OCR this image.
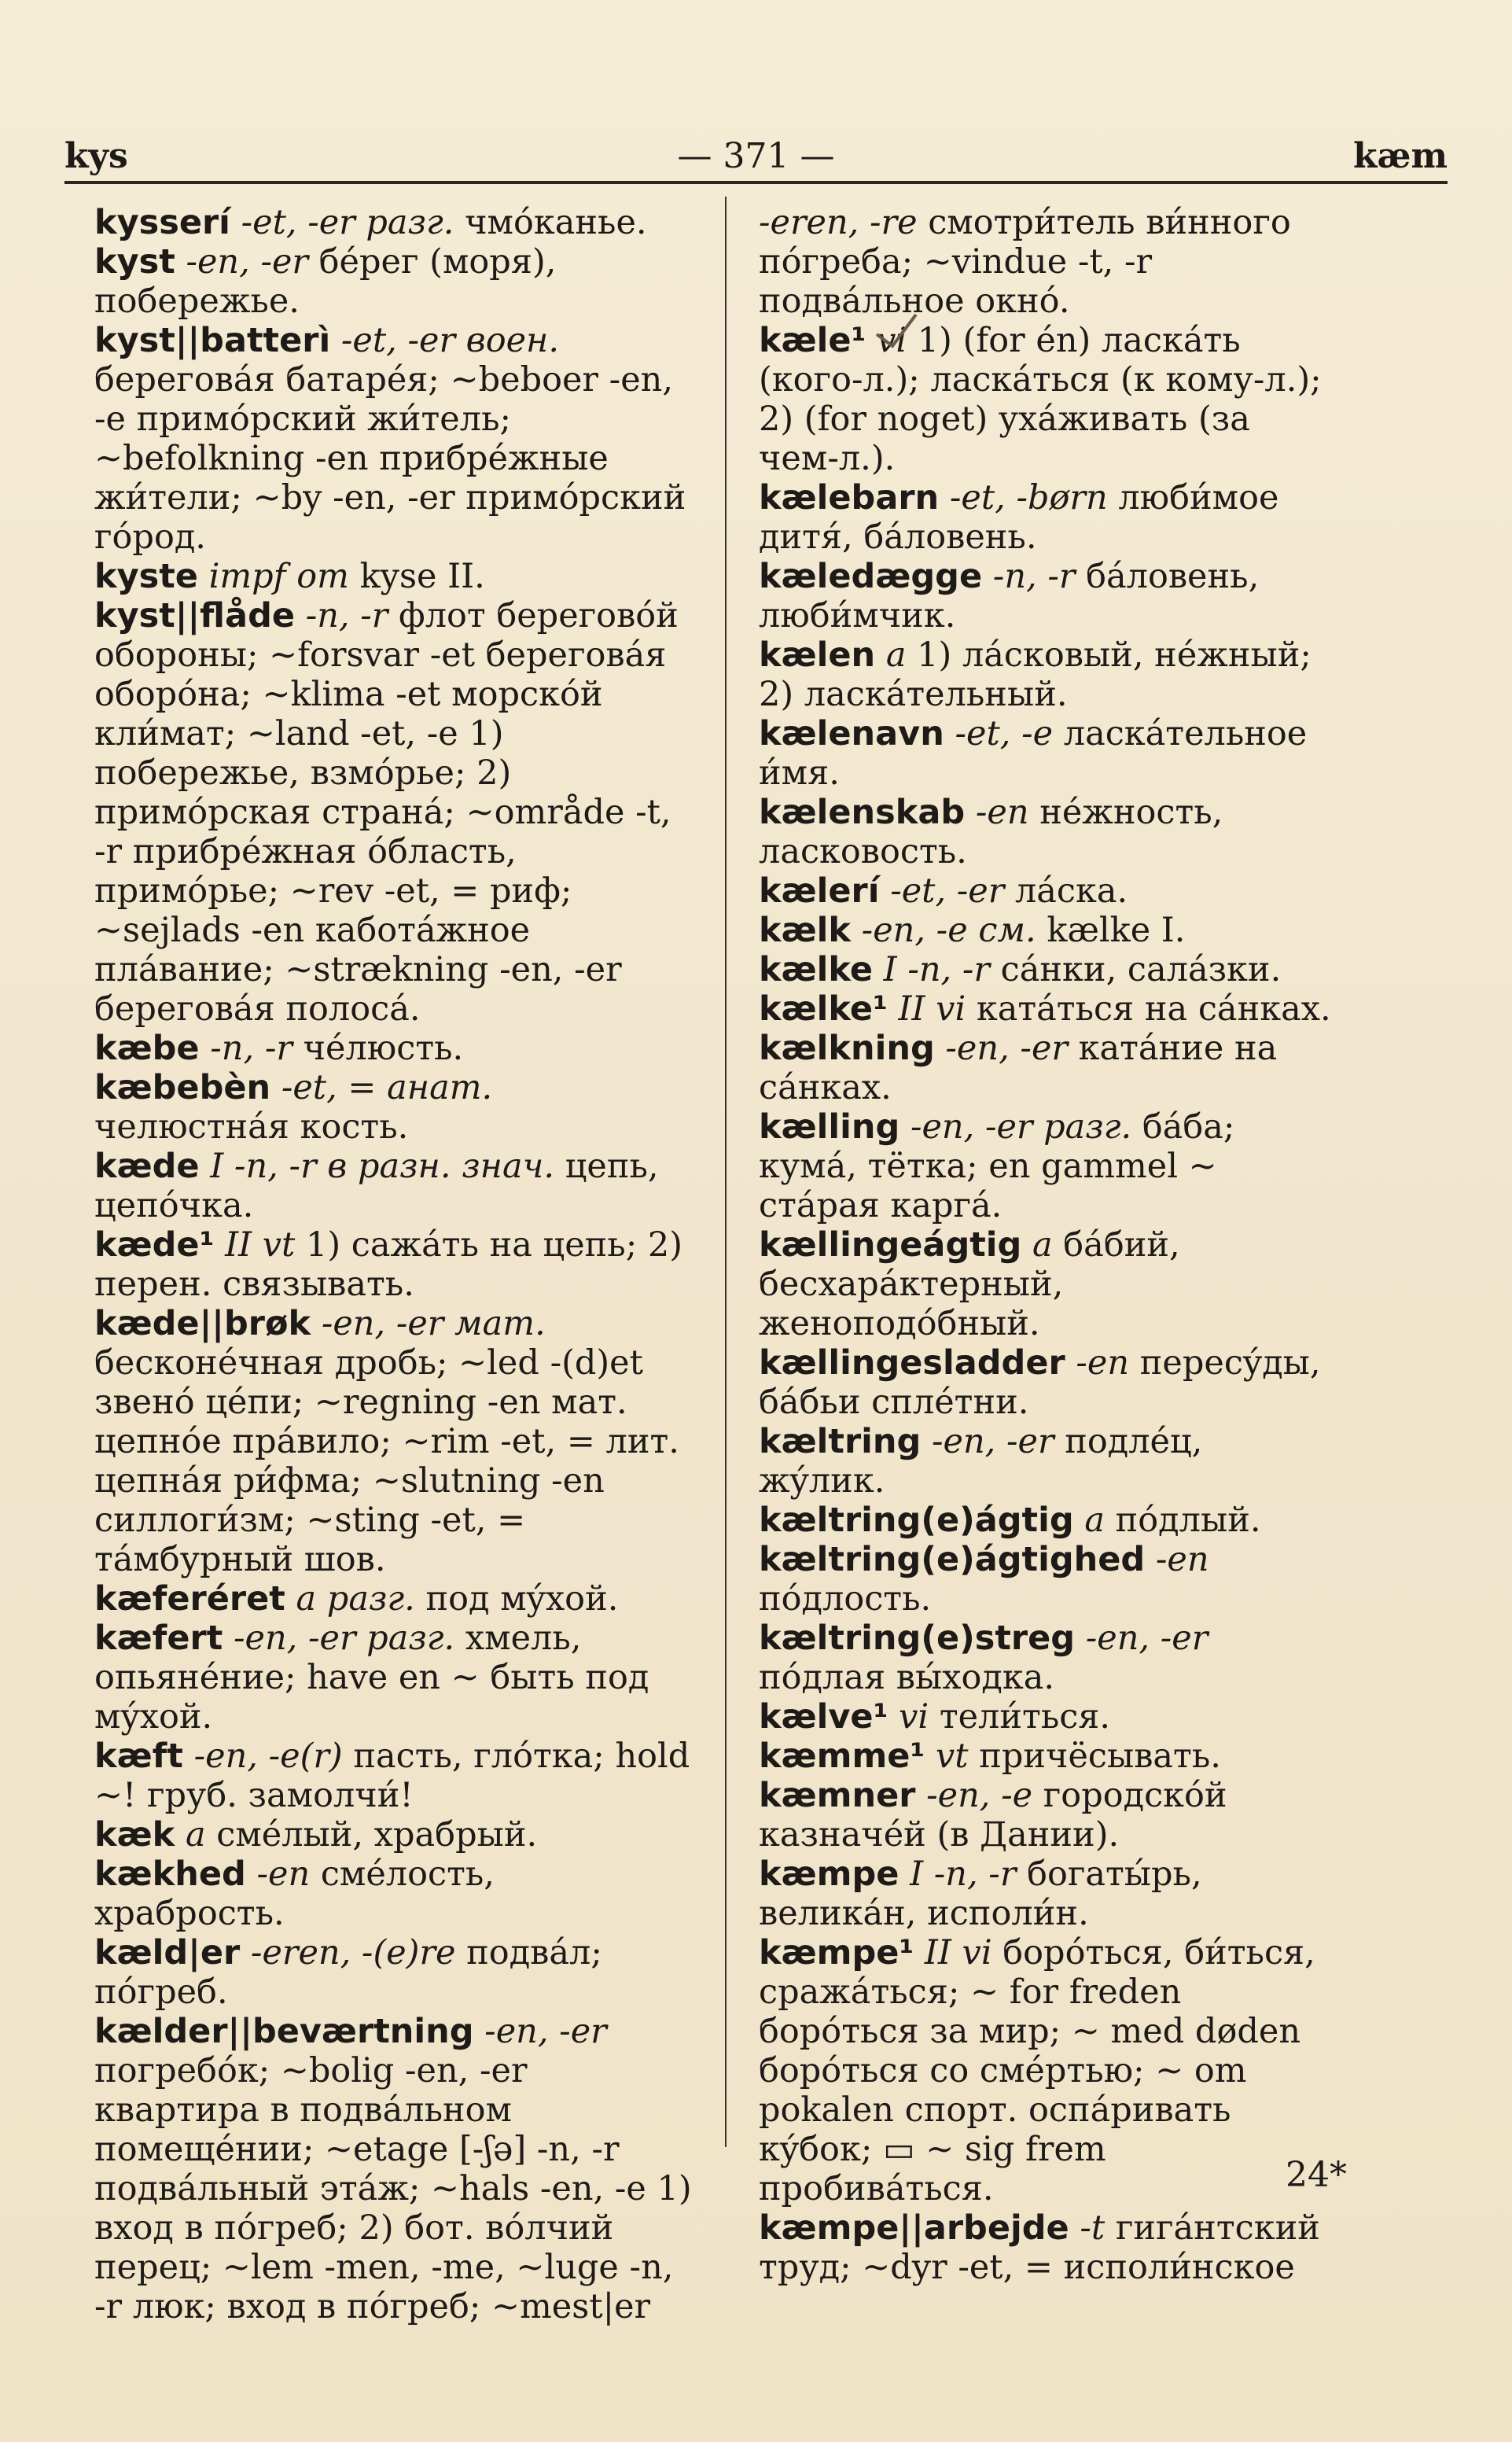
kys	— 371 —	kæm

kysserí -et, -er разг. чмóканье.

kyst -en, -er бéрег (моря), побережье.

kyst||batterì -et, -er воен. береговáя батарéя; ~beboer -en, -e примóрский жи́тель; ~befolkning -en прибрéжные жи́тели; ~by -en, -er примóрский гóрод.

kyste impf от kyse II.

kyst||flåde -n, -r флот берегово́й обороны; ~forsvar -et береговáя оборóна; ~klima -et морскóй кли́мат; ~land -et, -e 1) побережье, взмóрье; 2) примóрская странá; ~område -t, -r прибрéжная óбласть, примóрье; ~rev -et, = риф; ~sejlads -en каботáжное плáвание; ~strækning -en, -er береговáя полосá.

kæbe -n, -r чéлюсть.

kæbebèn -et, = анат. челюстнáя кость.

kæde I -n, -r в разн. знач. цепь, цепóчка.

kæde¹ II vt 1) сажáть на цепь; 2) перен. связывать.

kæde||brøk -en, -er мат. бесконéчная дробь; ~led -(d)et звенó цéпи; ~regning -en мат. цепнóе прáвило; ~rim -et, = лит. цепнáя ри́фма; ~slutning -en силлоги́зм; ~sting -et, = тáмбурный шов.

kæferéret a разг. под мýхой.

kæfert -en, -er разг. хмель, опьянéние; have en ~ быть под мýхой.

kæft -en, -e(r) пасть, глóтка; hold ~! груб. замолчи́!

kæk a смéлый, храбрый.

kækhed -en смéлость, храбрость.

kæld|er -eren, -(e)re подвáл; пóгреб.

kælder||beværtning -en, -er погребóк; ~bolig -en, -er квартира в подвáльном помещéнии; ~etage [-ʃə] -n, -r подвáльный этáж; ~hals -en, -e 1) вход в пóгреб; 2) бот. вóлчий перец; ~lem -men, -me, ~luge -n, -r люк; вход в пóгреб; ~mest|er

-eren, -re смотри́тель ви́нного пóгреба; ~vindue -t, -r подвáльное окнó.

kæle¹ vi 1) (for én) ласкáть (кого-л.); ласкáться (к кому-л.); 2) (for noget) ухáживать (за чем-л.).

kælebarn -et, -børn люби́мое дитя́, бáловень.

kæledægge -n, -r бáловень, люби́мчик.

kælen a 1) лáсковый, нéжный; 2) ласкáтельный.

kælenavn -et, -e ласкáтельное и́мя.

kælenskab -en нéжность, ласковость.

kælerí -et, -er лáска.

kælk -en, -e см. kælke I.

kælke I -n, -r сáнки, салáзки.

kælke¹ II vi катáться на сáнках.

kælkning -en, -er катáние на сáнках.

kælling -en, -er разг. бáба; кумá, тётка; en gammel ~ стáрая каргá.

kællingeágtig a бáбий, бесхарáктерный, женоподóбный.

kællingesladder -en пересýды, бáбьи сплéтни.

kæltring -en, -er подлéц, жýлик.

kæltring(e)ágtig a пóдлый.

kæltring(e)ágtighed -en пóдлость.

kæltring(e)streg -en, -er пóдлая вы́ходка.

kælve¹ vi тели́ться.

kæmme¹ vt причёсывать.

kæmner -en, -e городскóй казначéй (в Дании).

kæmpe I -n, -r богаты́рь, велика́н, исполи́н.

kæmpe¹ II vi борóться, би́ться, сражáться; ~ for freden борóться за мир; ~ med døden борóться со смéртью; ~ om pokalen спорт. оспáривать кýбок; ▭ ~ sig frem пробивáться.

kæmpe||arbejde -t гигáнтский труд; ~dyr -et, = исполи́нское

24*
